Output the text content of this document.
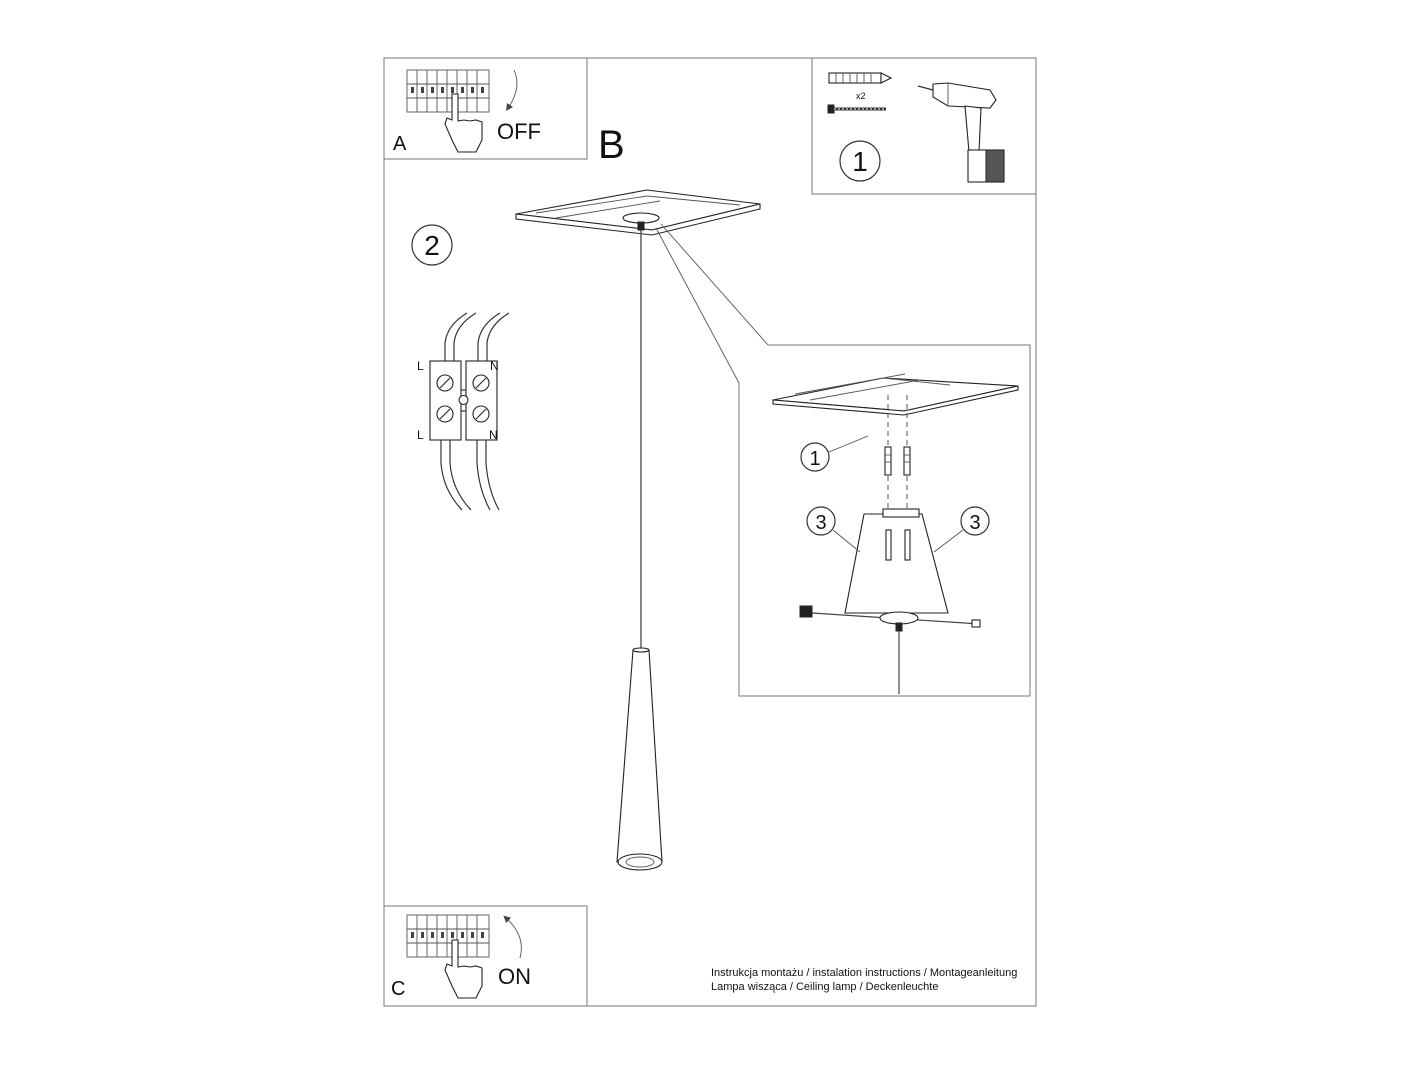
OFF
A	B
x2
1
2
L	N
L	N
1
3	3
ON
C
Instrukcja montażu / instalation instructions / Montageanleitung
Lampa wisząca / Ceiling lamp / Deckenleuchte
